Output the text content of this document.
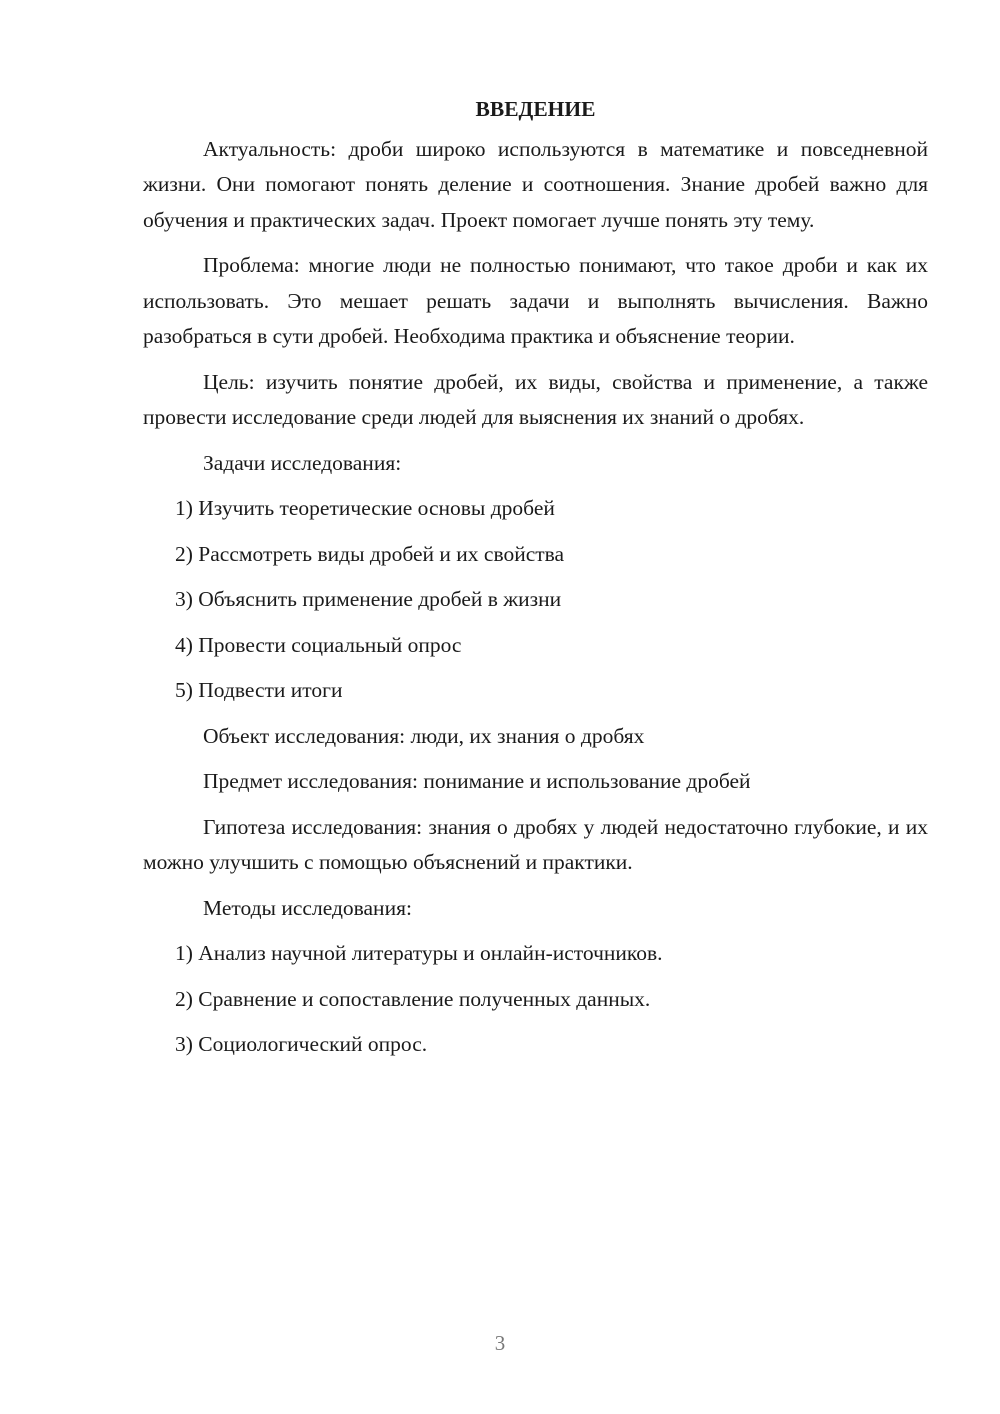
ВВЕДЕНИЕ

Актуальность: дроби широко используются в математике и повседневной жизни. Они помогают понять деление и соотношения. Знание дробей важно для обучения и практических задач. Проект помогает лучше понять эту тему.

Проблема: многие люди не полностью понимают, что такое дроби и как их использовать. Это мешает решать задачи и выполнять вычисления. Важно разобраться в сути дробей. Необходима практика и объяснение теории.

Цель: изучить понятие дробей, их виды, свойства и применение, а также провести исследование среди людей для выяснения их знаний о дробях.

Задачи исследования:

1) Изучить теоретические основы дробей

2) Рассмотреть виды дробей и их свойства

3) Объяснить применение дробей в жизни

4) Провести социальный опрос

5) Подвести итоги

Объект исследования: люди, их знания о дробях

Предмет исследования: понимание и использование дробей

Гипотеза исследования: знания о дробях у людей недостаточно глубокие, и их можно улучшить с помощью объяснений и практики.

Методы исследования:

1) Анализ научной литературы и онлайн-источников.

2) Сравнение и сопоставление полученных данных.

3) Социологический опрос.

3
